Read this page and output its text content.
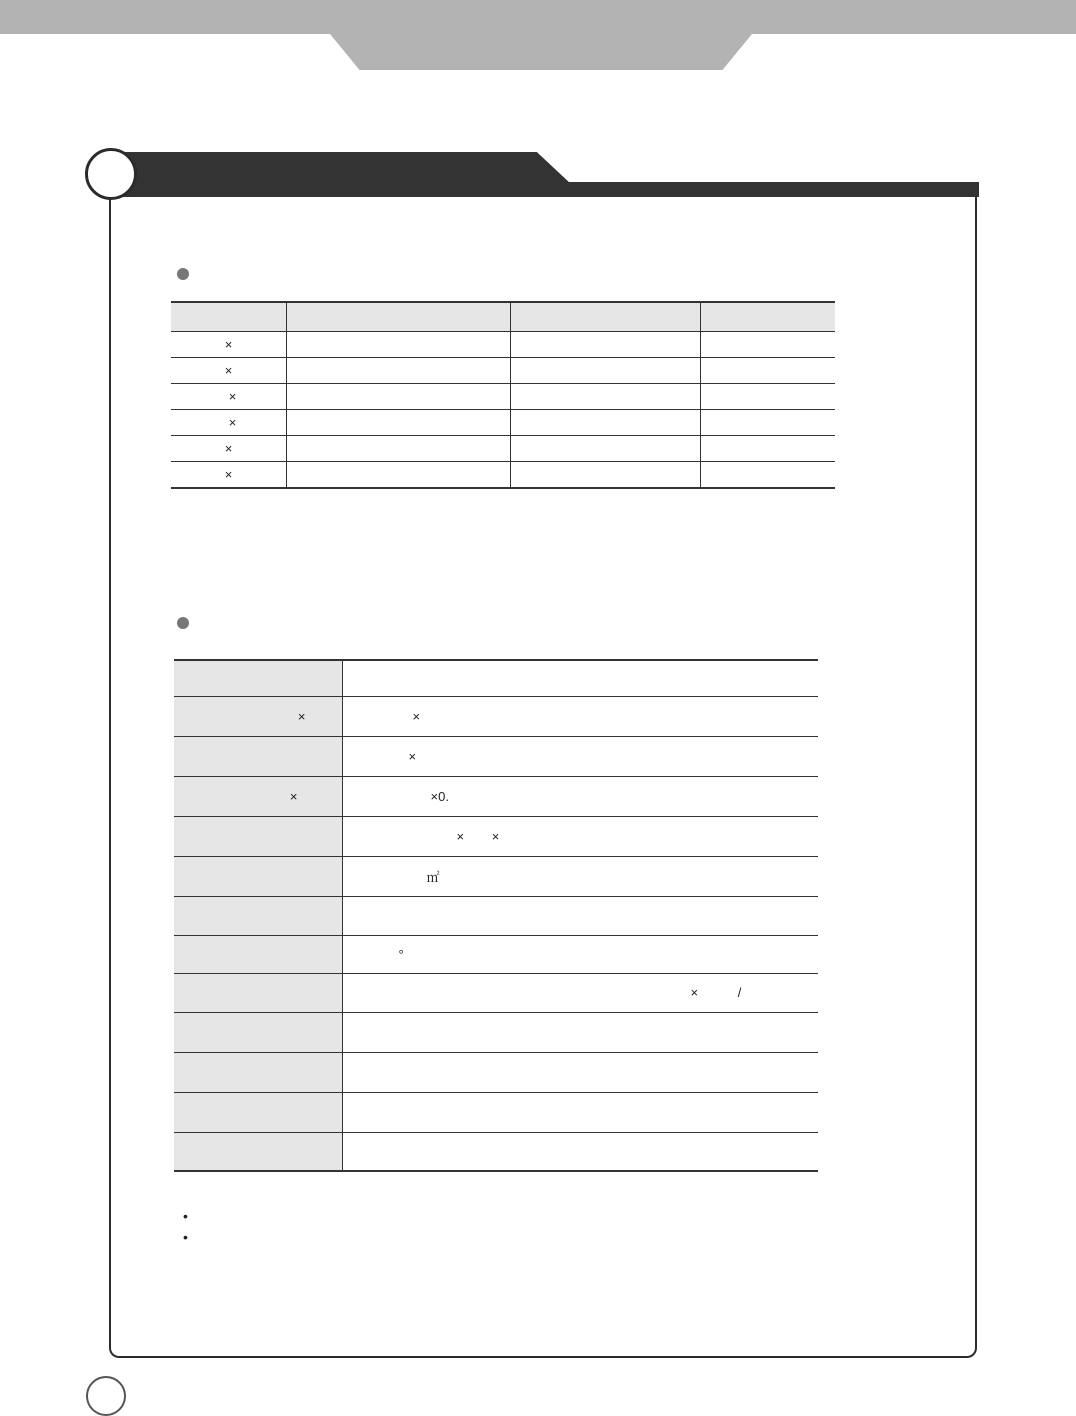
×			
×			
×			
×			
×			
×			

×	×
	×
×	×0.
	× ×
	㎡

	°
	× /

•
•
